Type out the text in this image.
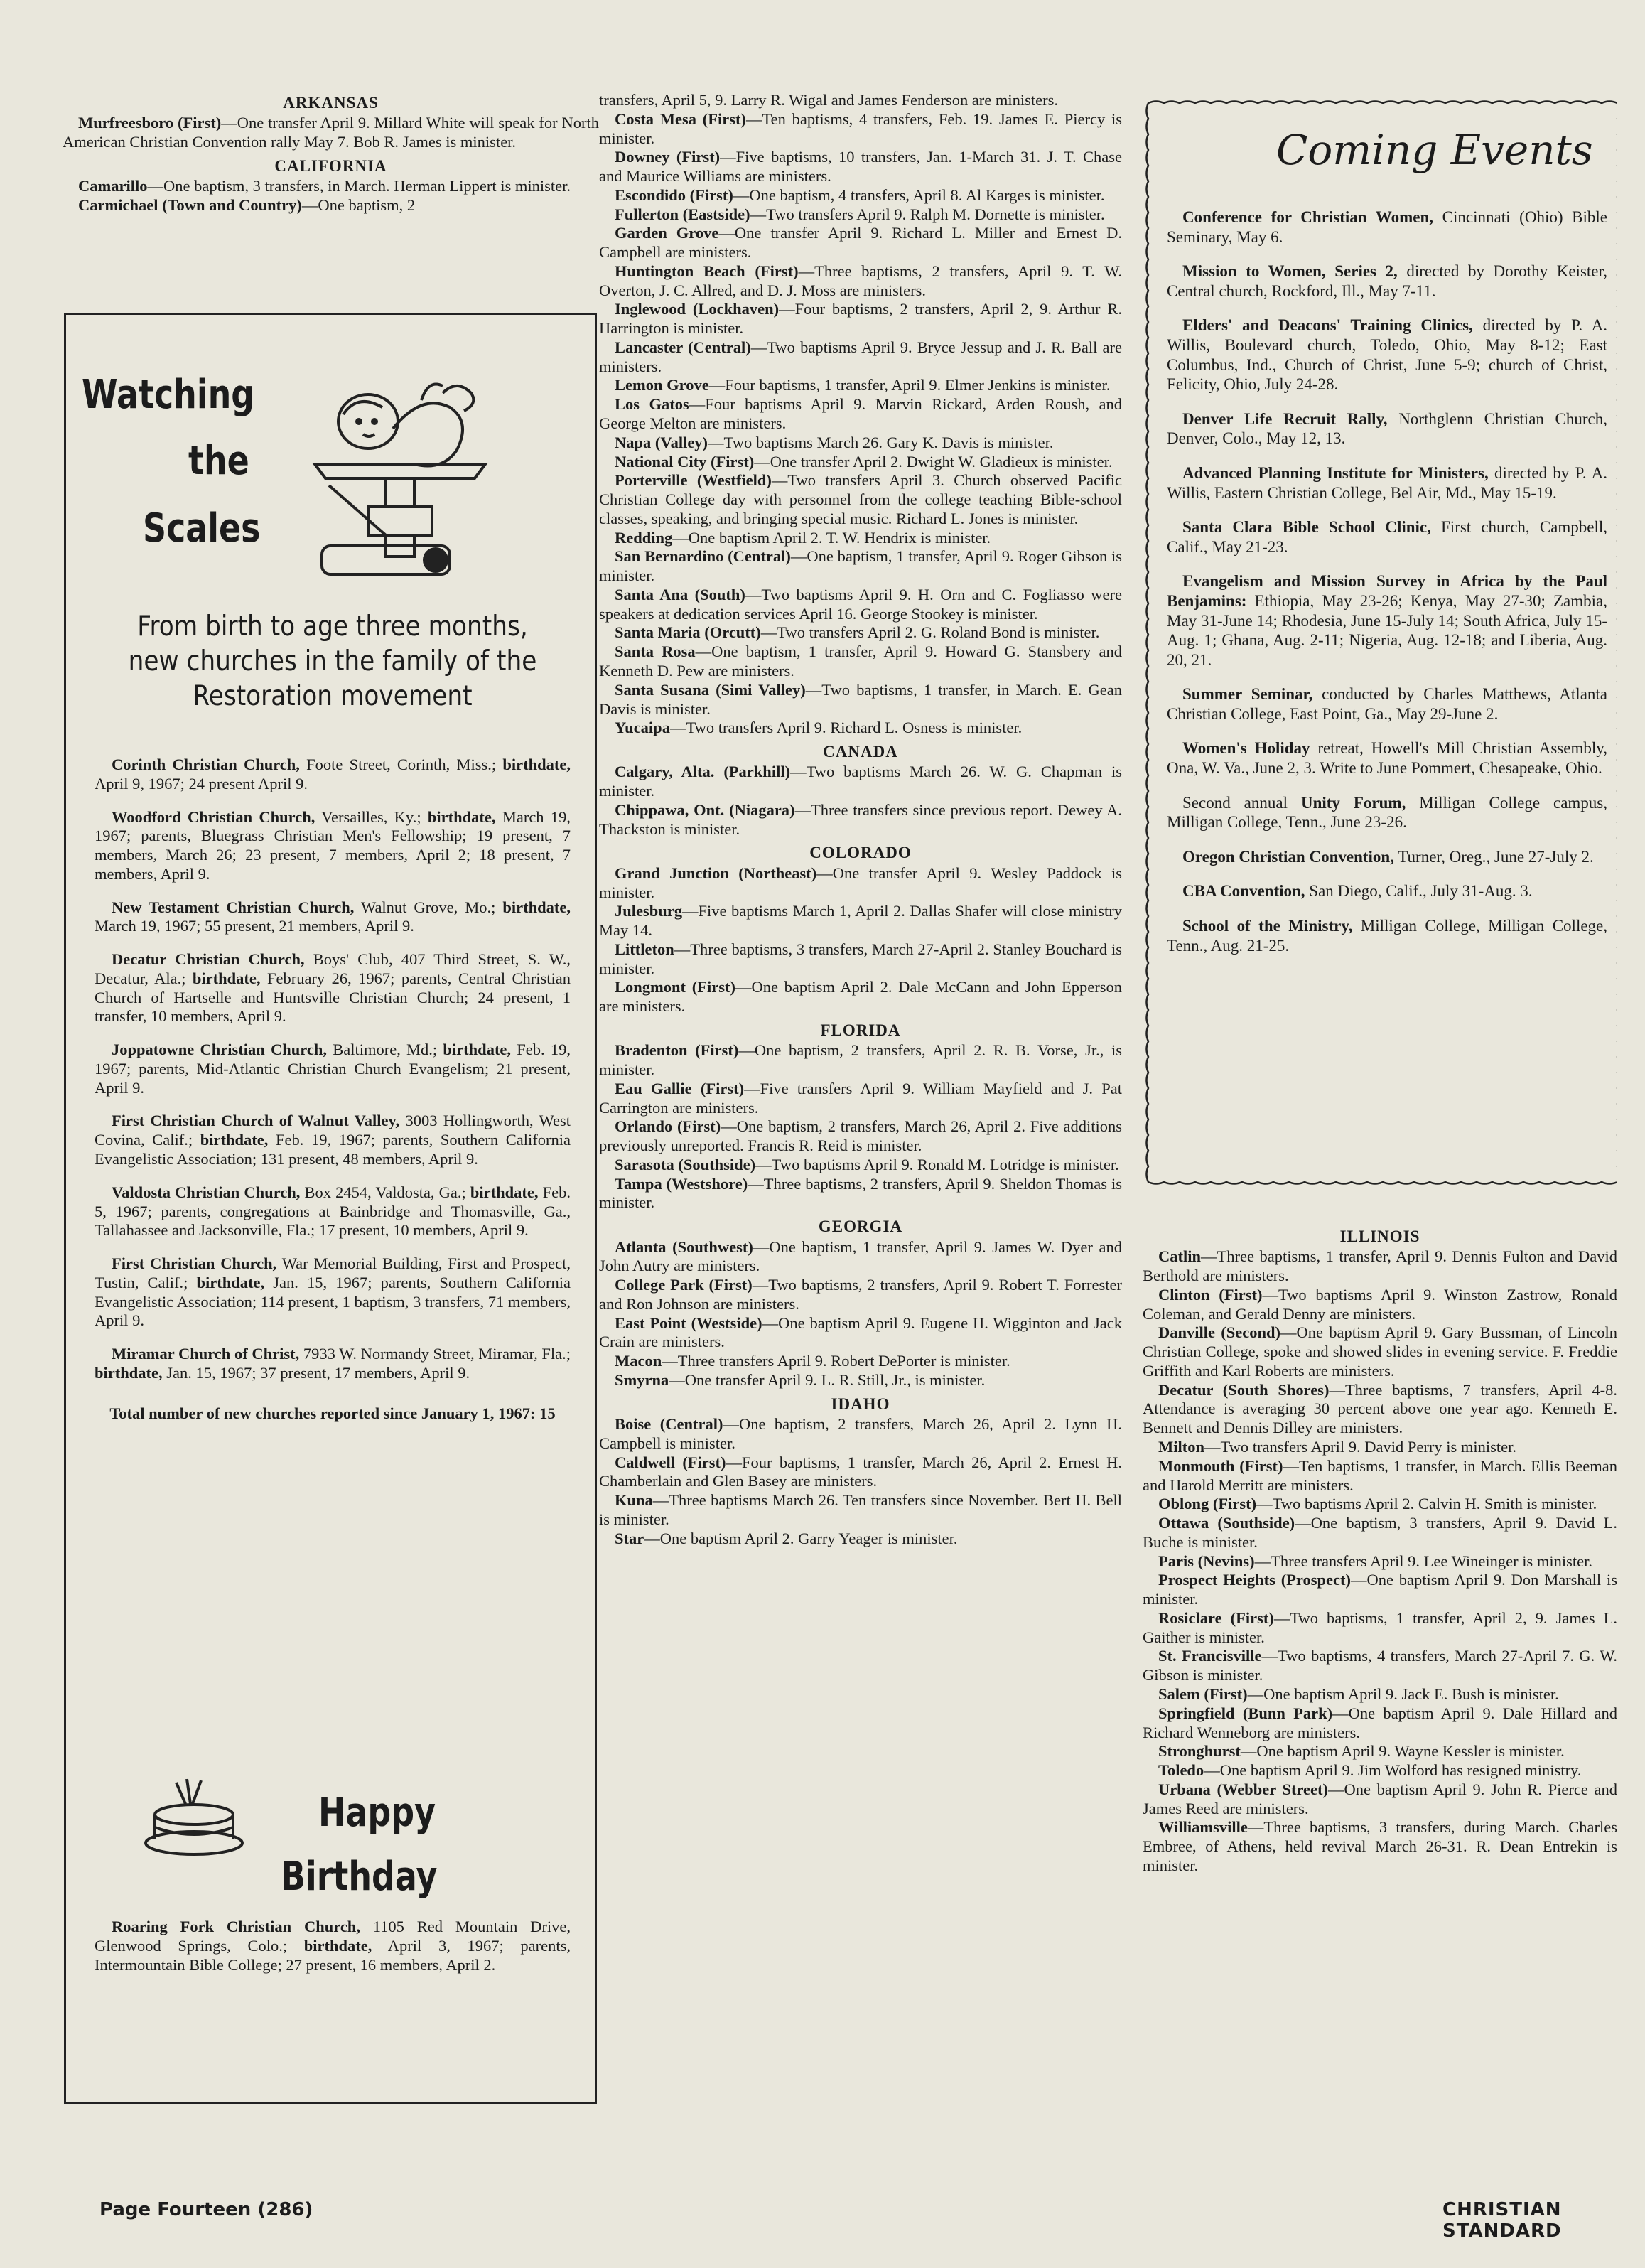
ARKANSAS

Murfreesboro (First)—One transfer April 9. Millard White will speak for North American Christian Convention rally May 7. Bob R. James is minister.

CALIFORNIA

Camarillo—One baptism, 3 transfers, in March. Herman Lippert is minister.

Carmichael (Town and Country)—One baptism, 2

Watching
the
Scales
From birth to age three months, new churches in the family of the Restoration movement

Corinth Christian Church, Foote Street, Corinth, Miss.; birthdate, April 9, 1967; 24 present April 9.

Woodford Christian Church, Versailles, Ky.; birthdate, March 19, 1967; parents, Bluegrass Christian Men's Fellowship; 19 present, 7 members, March 26; 23 present, 7 members, April 2; 18 present, 7 members, April 9.

New Testament Christian Church, Walnut Grove, Mo.; birthdate, March 19, 1967; 55 present, 21 members, April 9.

Decatur Christian Church, Boys' Club, 407 Third Street, S. W., Decatur, Ala.; birthdate, February 26, 1967; parents, Central Christian Church of Hartselle and Huntsville Christian Church; 24 present, 1 transfer, 10 members, April 9.

Joppatowne Christian Church, Baltimore, Md.; birthdate, Feb. 19, 1967; parents, Mid-Atlantic Christian Church Evangelism; 21 present, April 9.

First Christian Church of Walnut Valley, 3003 Hollingworth, West Covina, Calif.; birthdate, Feb. 19, 1967; parents, Southern California Evangelistic Association; 131 present, 48 members, April 9.

Valdosta Christian Church, Box 2454, Valdosta, Ga.; birthdate, Feb. 5, 1967; parents, congregations at Bainbridge and Thomasville, Ga., Tallahassee and Jacksonville, Fla.; 17 present, 10 members, April 9.

First Christian Church, War Memorial Building, First and Prospect, Tustin, Calif.; birthdate, Jan. 15, 1967; parents, Southern California Evangelistic Association; 114 present, 1 baptism, 3 transfers, 71 members, April 9.

Miramar Church of Christ, 7933 W. Normandy Street, Miramar, Fla.; birthdate, Jan. 15, 1967; 37 present, 17 members, April 9.

Total number of new churches reported since January 1, 1967: 15

Happy
Birthday

Roaring Fork Christian Church, 1105 Red Mountain Drive, Glenwood Springs, Colo.; birthdate, April 3, 1967; parents, Intermountain Bible College; 27 present, 16 members, April 2.

transfers, April 5, 9. Larry R. Wigal and James Fenderson are ministers.

Costa Mesa (First)—Ten baptisms, 4 transfers, Feb. 19. James E. Piercy is minister.

Downey (First)—Five baptisms, 10 transfers, Jan. 1-March 31. J. T. Chase and Maurice Williams are ministers.

Escondido (First)—One baptism, 4 transfers, April 8. Al Karges is minister.

Fullerton (Eastside)—Two transfers April 9. Ralph M. Dornette is minister.

Garden Grove—One transfer April 9. Richard L. Miller and Ernest D. Campbell are ministers.

Huntington Beach (First)—Three baptisms, 2 transfers, April 9. T. W. Overton, J. C. Allred, and D. J. Moss are ministers.

Inglewood (Lockhaven)—Four baptisms, 2 transfers, April 2, 9. Arthur R. Harrington is minister.

Lancaster (Central)—Two baptisms April 9. Bryce Jessup and J. R. Ball are ministers.

Lemon Grove—Four baptisms, 1 transfer, April 9. Elmer Jenkins is minister.

Los Gatos—Four baptisms April 9. Marvin Rickard, Arden Roush, and George Melton are ministers.

Napa (Valley)—Two baptisms March 26. Gary K. Davis is minister.

National City (First)—One transfer April 2. Dwight W. Gladieux is minister.

Porterville (Westfield)—Two transfers April 3. Church observed Pacific Christian College day with personnel from the college teaching Bible-school classes, speaking, and bringing special music. Richard L. Jones is minister.

Redding—One baptism April 2. T. W. Hendrix is minister.

San Bernardino (Central)—One baptism, 1 transfer, April 9. Roger Gibson is minister.

Santa Ana (South)—Two baptisms April 9. H. Orn and C. Fogliasso were speakers at dedication services April 16. George Stookey is minister.

Santa Maria (Orcutt)—Two transfers April 2. G. Roland Bond is minister.

Santa Rosa—One baptism, 1 transfer, April 9. Howard G. Stansbery and Kenneth D. Pew are ministers.

Santa Susana (Simi Valley)—Two baptisms, 1 transfer, in March. E. Gean Davis is minister.

Yucaipa—Two transfers April 9. Richard L. Osness is minister.

CANADA

Calgary, Alta. (Parkhill)—Two baptisms March 26. W. G. Chapman is minister.

Chippawa, Ont. (Niagara)—Three transfers since previous report. Dewey A. Thackston is minister.

COLORADO

Grand Junction (Northeast)—One transfer April 9. Wesley Paddock is minister.

Julesburg—Five baptisms March 1, April 2. Dallas Shafer will close ministry May 14.

Littleton—Three baptisms, 3 transfers, March 27-April 2. Stanley Bouchard is minister.

Longmont (First)—One baptism April 2. Dale McCann and John Epperson are ministers.

FLORIDA

Bradenton (First)—One baptism, 2 transfers, April 2. R. B. Vorse, Jr., is minister.

Eau Gallie (First)—Five transfers April 9. William Mayfield and J. Pat Carrington are ministers.

Orlando (First)—One baptism, 2 transfers, March 26, April 2. Five additions previously unreported. Francis R. Reid is minister.

Sarasota (Southside)—Two baptisms April 9. Ronald M. Lotridge is minister.

Tampa (Westshore)—Three baptisms, 2 transfers, April 9. Sheldon Thomas is minister.

GEORGIA

Atlanta (Southwest)—One baptism, 1 transfer, April 9. James W. Dyer and John Autry are ministers.

College Park (First)—Two baptisms, 2 transfers, April 9. Robert T. Forrester and Ron Johnson are ministers.

East Point (Westside)—One baptism April 9. Eugene H. Wigginton and Jack Crain are ministers.

Macon—Three transfers April 9. Robert DePorter is minister.

Smyrna—One transfer April 9. L. R. Still, Jr., is minister.

IDAHO

Boise (Central)—One baptism, 2 transfers, March 26, April 2. Lynn H. Campbell is minister.

Caldwell (First)—Four baptisms, 1 transfer, March 26, April 2. Ernest H. Chamberlain and Glen Basey are ministers.

Kuna—Three baptisms March 26. Ten transfers since November. Bert H. Bell is minister.

Star—One baptism April 2. Garry Yeager is minister.

Coming Events

Conference for Christian Women, Cincinnati (Ohio) Bible Seminary, May 6.

Mission to Women, Series 2, directed by Dorothy Keister, Central church, Rockford, Ill., May 7-11.

Elders' and Deacons' Training Clinics, directed by P. A. Willis, Boulevard church, Toledo, Ohio, May 8-12; East Columbus, Ind., Church of Christ, June 5-9; church of Christ, Felicity, Ohio, July 24-28.

Denver Life Recruit Rally, Northglenn Christian Church, Denver, Colo., May 12, 13.

Advanced Planning Institute for Ministers, directed by P. A. Willis, Eastern Christian College, Bel Air, Md., May 15-19.

Santa Clara Bible School Clinic, First church, Campbell, Calif., May 21-23.

Evangelism and Mission Survey in Africa by the Paul Benjamins: Ethiopia, May 23-26; Kenya, May 27-30; Zambia, May 31-June 14; Rhodesia, June 15-July 14; South Africa, July 15-Aug. 1; Ghana, Aug. 2-11; Nigeria, Aug. 12-18; and Liberia, Aug. 20, 21.

Summer Seminar, conducted by Charles Matthews, Atlanta Christian College, East Point, Ga., May 29-June 2.

Women's Holiday retreat, Howell's Mill Christian Assembly, Ona, W. Va., June 2, 3. Write to June Pommert, Chesapeake, Ohio.

Second annual Unity Forum, Milligan College campus, Milligan College, Tenn., June 23-26.

Oregon Christian Convention, Turner, Oreg., June 27-July 2.

CBA Convention, San Diego, Calif., July 31-Aug. 3.

School of the Ministry, Milligan College, Milligan College, Tenn., Aug. 21-25.

ILLINOIS

Catlin—Three baptisms, 1 transfer, April 9. Dennis Fulton and David Berthold are ministers.

Clinton (First)—Two baptisms April 9. Winston Zastrow, Ronald Coleman, and Gerald Denny are ministers.

Danville (Second)—One baptism April 9. Gary Bussman, of Lincoln Christian College, spoke and showed slides in evening service. F. Freddie Griffith and Karl Roberts are ministers.

Decatur (South Shores)—Three baptisms, 7 transfers, April 4-8. Attendance is averaging 30 percent above one year ago. Kenneth E. Bennett and Dennis Dilley are ministers.

Milton—Two transfers April 9. David Perry is minister.

Monmouth (First)—Ten baptisms, 1 transfer, in March. Ellis Beeman and Harold Merritt are ministers.

Oblong (First)—Two baptisms April 2. Calvin H. Smith is minister.

Ottawa (Southside)—One baptism, 3 transfers, April 9. David L. Buche is minister.

Paris (Nevins)—Three transfers April 9. Lee Wineinger is minister.

Prospect Heights (Prospect)—One baptism April 9. Don Marshall is minister.

Rosiclare (First)—Two baptisms, 1 transfer, April 2, 9. James L. Gaither is minister.

St. Francisville—Two baptisms, 4 transfers, March 27-April 7. G. W. Gibson is minister.

Salem (First)—One baptism April 9. Jack E. Bush is minister.

Springfield (Bunn Park)—One baptism April 9. Dale Hillard and Richard Wenneborg are ministers.

Stronghurst—One baptism April 9. Wayne Kessler is minister.

Toledo—One baptism April 9. Jim Wolford has resigned ministry.

Urbana (Webber Street)—One baptism April 9. John R. Pierce and James Reed are ministers.

Williamsville—Three baptisms, 3 transfers, during March. Charles Embree, of Athens, held revival March 26-31. R. Dean Entrekin is minister.

Page Fourteen (286)	CHRISTIAN STANDARD
